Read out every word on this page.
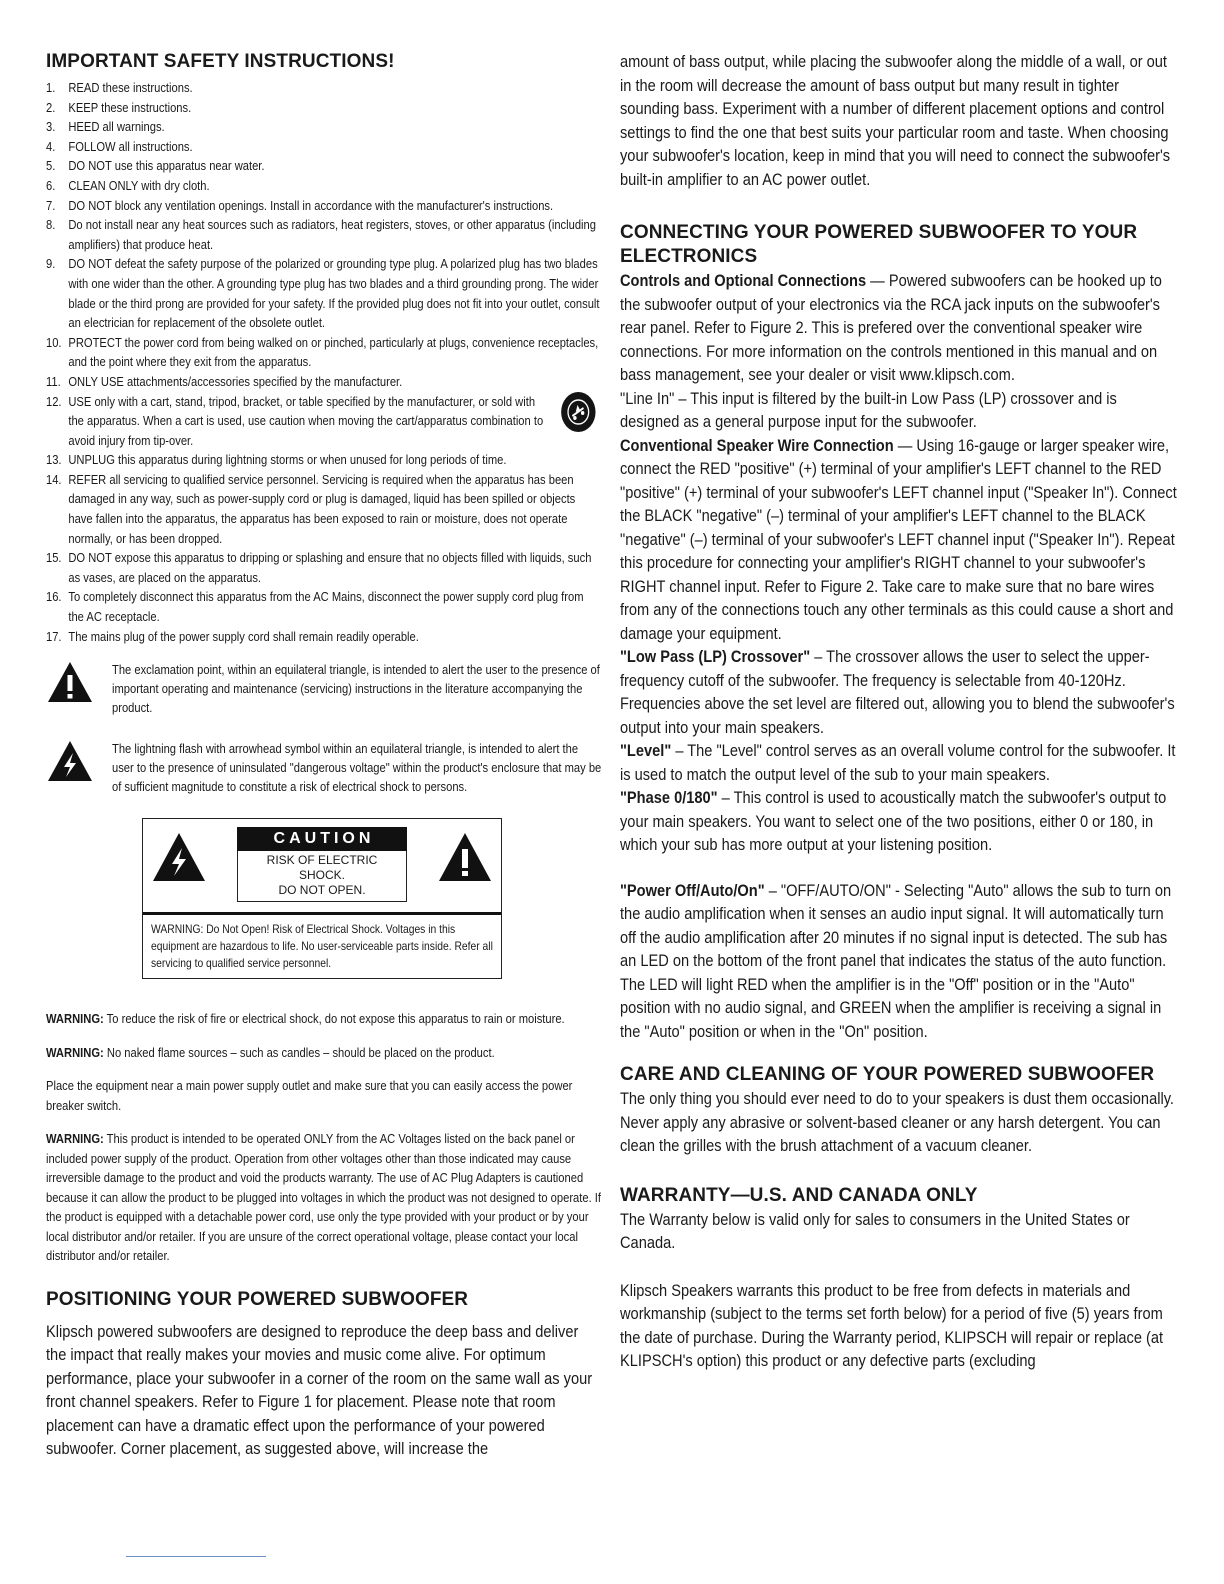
IMPORTANT SAFETY INSTRUCTIONS!
1.	READ these instructions.
2.	KEEP these instructions.
3.	HEED all warnings.
4.	FOLLOW all instructions.
5.	DO NOT use this apparatus near water.
6.	CLEAN ONLY with dry cloth.
7.	DO NOT block any ventilation openings. Install in accordance with the manufacturer's instructions.
8.	Do not install near any heat sources such as radiators, heat registers, stoves, or other apparatus (including amplifiers) that produce heat.
9.	DO NOT defeat the safety purpose of the polarized or grounding type plug. A polarized plug has two blades with one wider than the other. A grounding type plug has two blades and a third grounding prong. The wider blade or the third prong are provided for your safety. If the provided plug does not fit into your outlet, consult an electrician for replacement of the obsolete outlet.
10. PROTECT the power cord from being walked on or pinched, particularly at plugs, convenience receptacles, and the point where they exit from the apparatus.
11. ONLY USE attachments/accessories specified by the manufacturer.
12. USE only with a cart, stand, tripod, bracket, or table specified by the manufacturer, or sold with the apparatus. When a cart is used, use caution when moving the cart/apparatus combination to avoid injury from tip-over.
13. UNPLUG this apparatus during lightning storms or when unused for long periods of time.
14. REFER all servicing to qualified service personnel. Servicing is required when the apparatus has been damaged in any way, such as power-supply cord or plug is damaged, liquid has been spilled or objects have fallen into the apparatus, the apparatus has been exposed to rain or moisture, does not operate normally, or has been dropped.
15. DO NOT expose this apparatus to dripping or splashing and ensure that no objects filled with liquids, such as vases, are placed on the apparatus.
16. To completely disconnect this apparatus from the AC Mains, disconnect the power supply cord plug from the AC receptacle.
17. The mains plug of the power supply cord shall remain readily operable.
The exclamation point, within an equilateral triangle, is intended to alert the user to the presence of important operating and maintenance (servicing) instructions in the literature accompanying the product.
The lightning flash with arrowhead symbol within an equilateral triangle, is intended to alert the user to the presence of uninsulated "dangerous voltage" within the product's enclosure that may be of sufficient magnitude to constitute a risk of electrical shock to persons.
CAUTION
RISK OF ELECTRIC SHOCK.
DO NOT OPEN.
WARNING: Do Not Open! Risk of Electrical Shock. Voltages in this equipment are hazardous to life. No user-serviceable parts inside. Refer all servicing to qualified service personnel.
WARNING: To reduce the risk of fire or electrical shock, do not expose this apparatus to rain or moisture.
WARNING: No naked flame sources – such as candles – should be placed on the product.
Place the equipment near a main power supply outlet and make sure that you can easily access the power breaker switch.
WARNING: This product is intended to be operated ONLY from the AC Voltages listed on the back panel or included power supply of the product. Operation from other voltages other than those indicated may cause irreversible damage to the product and void the products warranty. The use of AC Plug Adapters is cautioned because it can allow the product to be plugged into voltages in which the product was not designed to operate. If the product is equipped with a detachable power cord, use only the type provided with your product or by your local distributor and/or retailer. If you are unsure of the correct operational voltage, please contact your local distributor and/or retailer.
POSITIONING YOUR POWERED SUBWOOFER

Klipsch powered subwoofers are designed to reproduce the deep bass and deliver the impact that really makes your movies and music come alive. For optimum performance, place your subwoofer in a corner of the room on the same wall as your front channel speakers. Refer to Figure 1 for placement. Please note that room placement can have a dramatic effect upon the performance of your powered subwoofer. Corner placement, as suggested above, will increase the

amount of bass output, while placing the subwoofer along the middle of a wall, or out in the room will decrease the amount of bass output but many result in tighter sounding bass. Experiment with a number of different placement options and control settings to find the one that best suits your particular room and taste. When choosing your subwoofer's location, keep in mind that you will need to connect the subwoofer's built-in amplifier to an AC power outlet.

CONNECTING YOUR POWERED SUBWOOFER TO YOUR ELECTRONICS

Controls and Optional Connections — Powered subwoofers can be hooked up to the subwoofer output of your electronics via the RCA jack inputs on the subwoofer's rear panel. Refer to Figure 2. This is prefered over the conventional speaker wire connections. For more information on the controls mentioned in this manual and on bass management, see your dealer or visit www.klipsch.com.

"Line In" – This input is filtered by the built-in Low Pass (LP) crossover and is designed as a general purpose input for the subwoofer.

Conventional Speaker Wire Connection — Using 16-gauge or larger speaker wire, connect the RED "positive" (+) terminal of your amplifier's LEFT channel to the RED "positive" (+) terminal of your subwoofer's LEFT channel input ("Speaker In"). Connect the BLACK "negative" (–) terminal of your amplifier's LEFT channel to the BLACK "negative" (–) terminal of your subwoofer's LEFT channel input ("Speaker In"). Repeat this procedure for connecting your amplifier's RIGHT channel to your subwoofer's RIGHT channel input. Refer to Figure 2. Take care to make sure that no bare wires from any of the connections touch any other terminals as this could cause a short and damage your equipment.

"Low Pass (LP) Crossover" – The crossover allows the user to select the upper-frequency cutoff of the subwoofer. The frequency is selectable from 40-120Hz. Frequencies above the set level are filtered out, allowing you to blend the subwoofer's output into your main speakers.

"Level" – The "Level" control serves as an overall volume control for the subwoofer. It is used to match the output level of the sub to your main speakers.

"Phase 0/180" – This control is used to acoustically match the subwoofer's output to your main speakers. You want to select one of the two positions, either 0 or 180, in which your sub has more output at your listening position.

"Power Off/Auto/On" – "OFF/AUTO/ON" - Selecting "Auto" allows the sub to turn on the audio amplification when it senses an audio input signal. It will automatically turn off the audio amplification after 20 minutes if no signal input is detected. The sub has an LED on the bottom of the front panel that indicates the status of the auto function. The LED will light RED when the amplifier is in the "Off" position or in the "Auto" position with no audio signal, and GREEN when the amplifier is receiving a signal in the "Auto" position or when in the "On" position.

CARE AND CLEANING OF YOUR POWERED SUBWOOFER

The only thing you should ever need to do to your speakers is dust them occasionally. Never apply any abrasive or solvent-based cleaner or any harsh detergent. You can clean the grilles with the brush attachment of a vacuum cleaner.

WARRANTY—U.S. AND CANADA ONLY

The Warranty below is valid only for sales to consumers in the United States or Canada.

Klipsch Speakers warrants this product to be free from defects in materials and workmanship (subject to the terms set forth below) for a period of five (5) years from the date of purchase. During the Warranty period, KLIPSCH will repair or replace (at KLIPSCH's option) this product or any defective parts (excluding
